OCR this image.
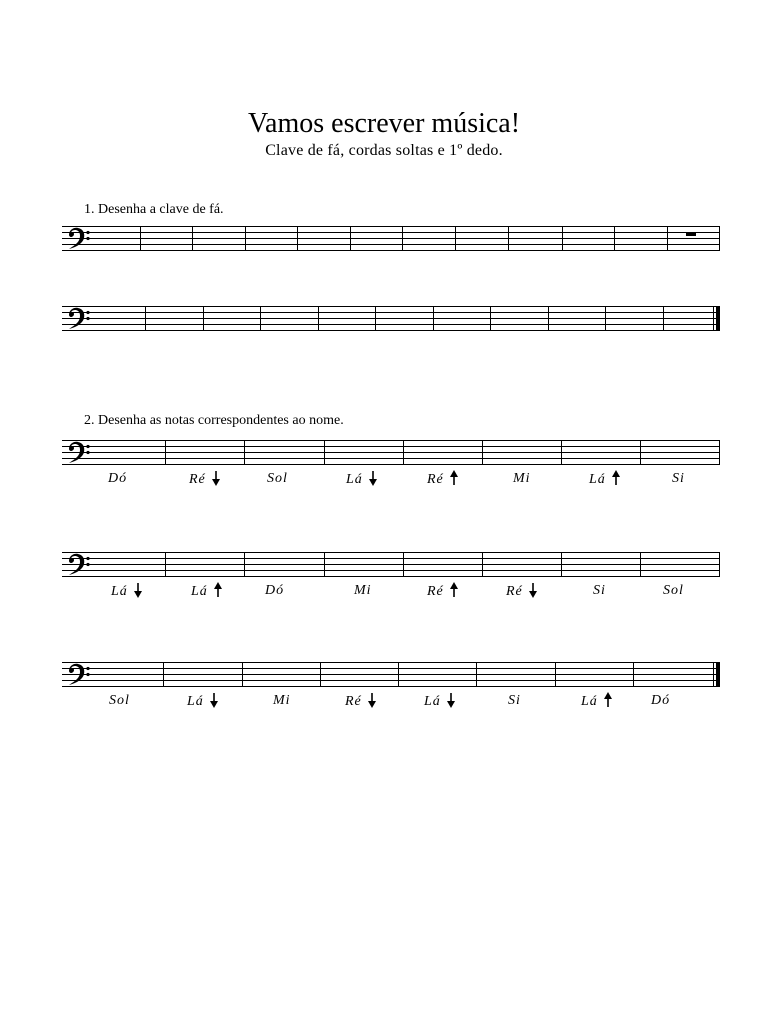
Vamos escrever música!
Clave de fá, cordas soltas e 1º dedo.
1. Desenha a clave de fá.
2. Desenha as notas correspondentes ao nome.
Dó	Ré	Sol	Lá	Ré	Mi	Lá	Si
Lá	Lá	Dó	Mi	Ré	Ré	Si	Sol
Sol	Lá	Mi	Ré	Lá	Si	Lá	Dó
